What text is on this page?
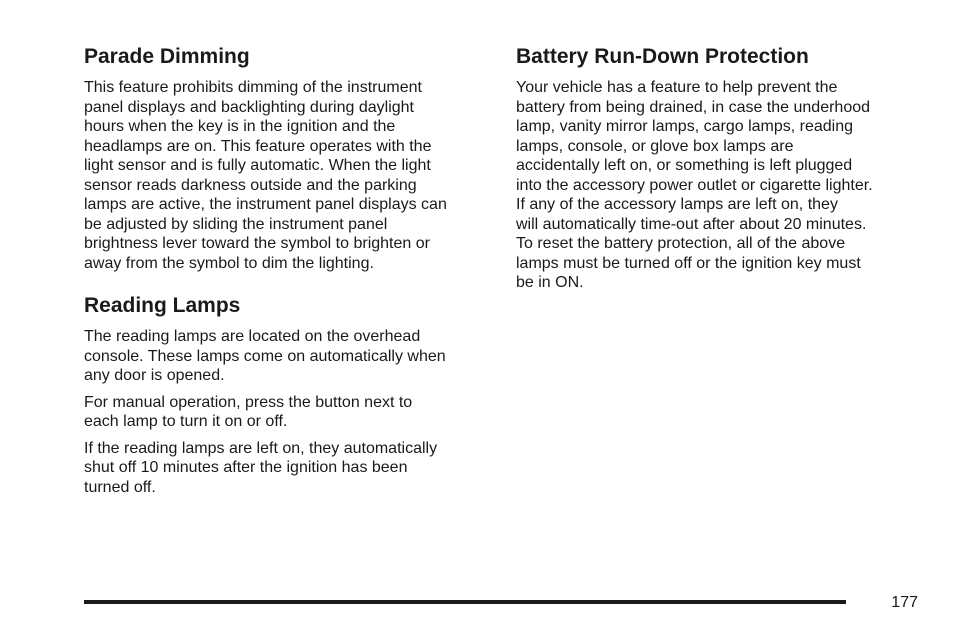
Parade Dimming

This feature prohibits dimming of the instrument
panel displays and backlighting during daylight
hours when the key is in the ignition and the
headlamps are on. This feature operates with the
light sensor and is fully automatic. When the light
sensor reads darkness outside and the parking
lamps are active, the instrument panel displays can
be adjusted by sliding the instrument panel
brightness lever toward the symbol to brighten or
away from the symbol to dim the lighting.

Reading Lamps

The reading lamps are located on the overhead
console. These lamps come on automatically when
any door is opened.

For manual operation, press the button next to
each lamp to turn it on or off.

If the reading lamps are left on, they automatically
shut off 10 minutes after the ignition has been
turned off.

Battery Run-Down Protection

Your vehicle has a feature to help prevent the
battery from being drained, in case the underhood
lamp, vanity mirror lamps, cargo lamps, reading
lamps, console, or glove box lamps are
accidentally left on, or something is left plugged
into the accessory power outlet or cigarette lighter.
If any of the accessory lamps are left on, they
will automatically time-out after about 20 minutes.
To reset the battery protection, all of the above
lamps must be turned off or the ignition key must
be in ON.

177
